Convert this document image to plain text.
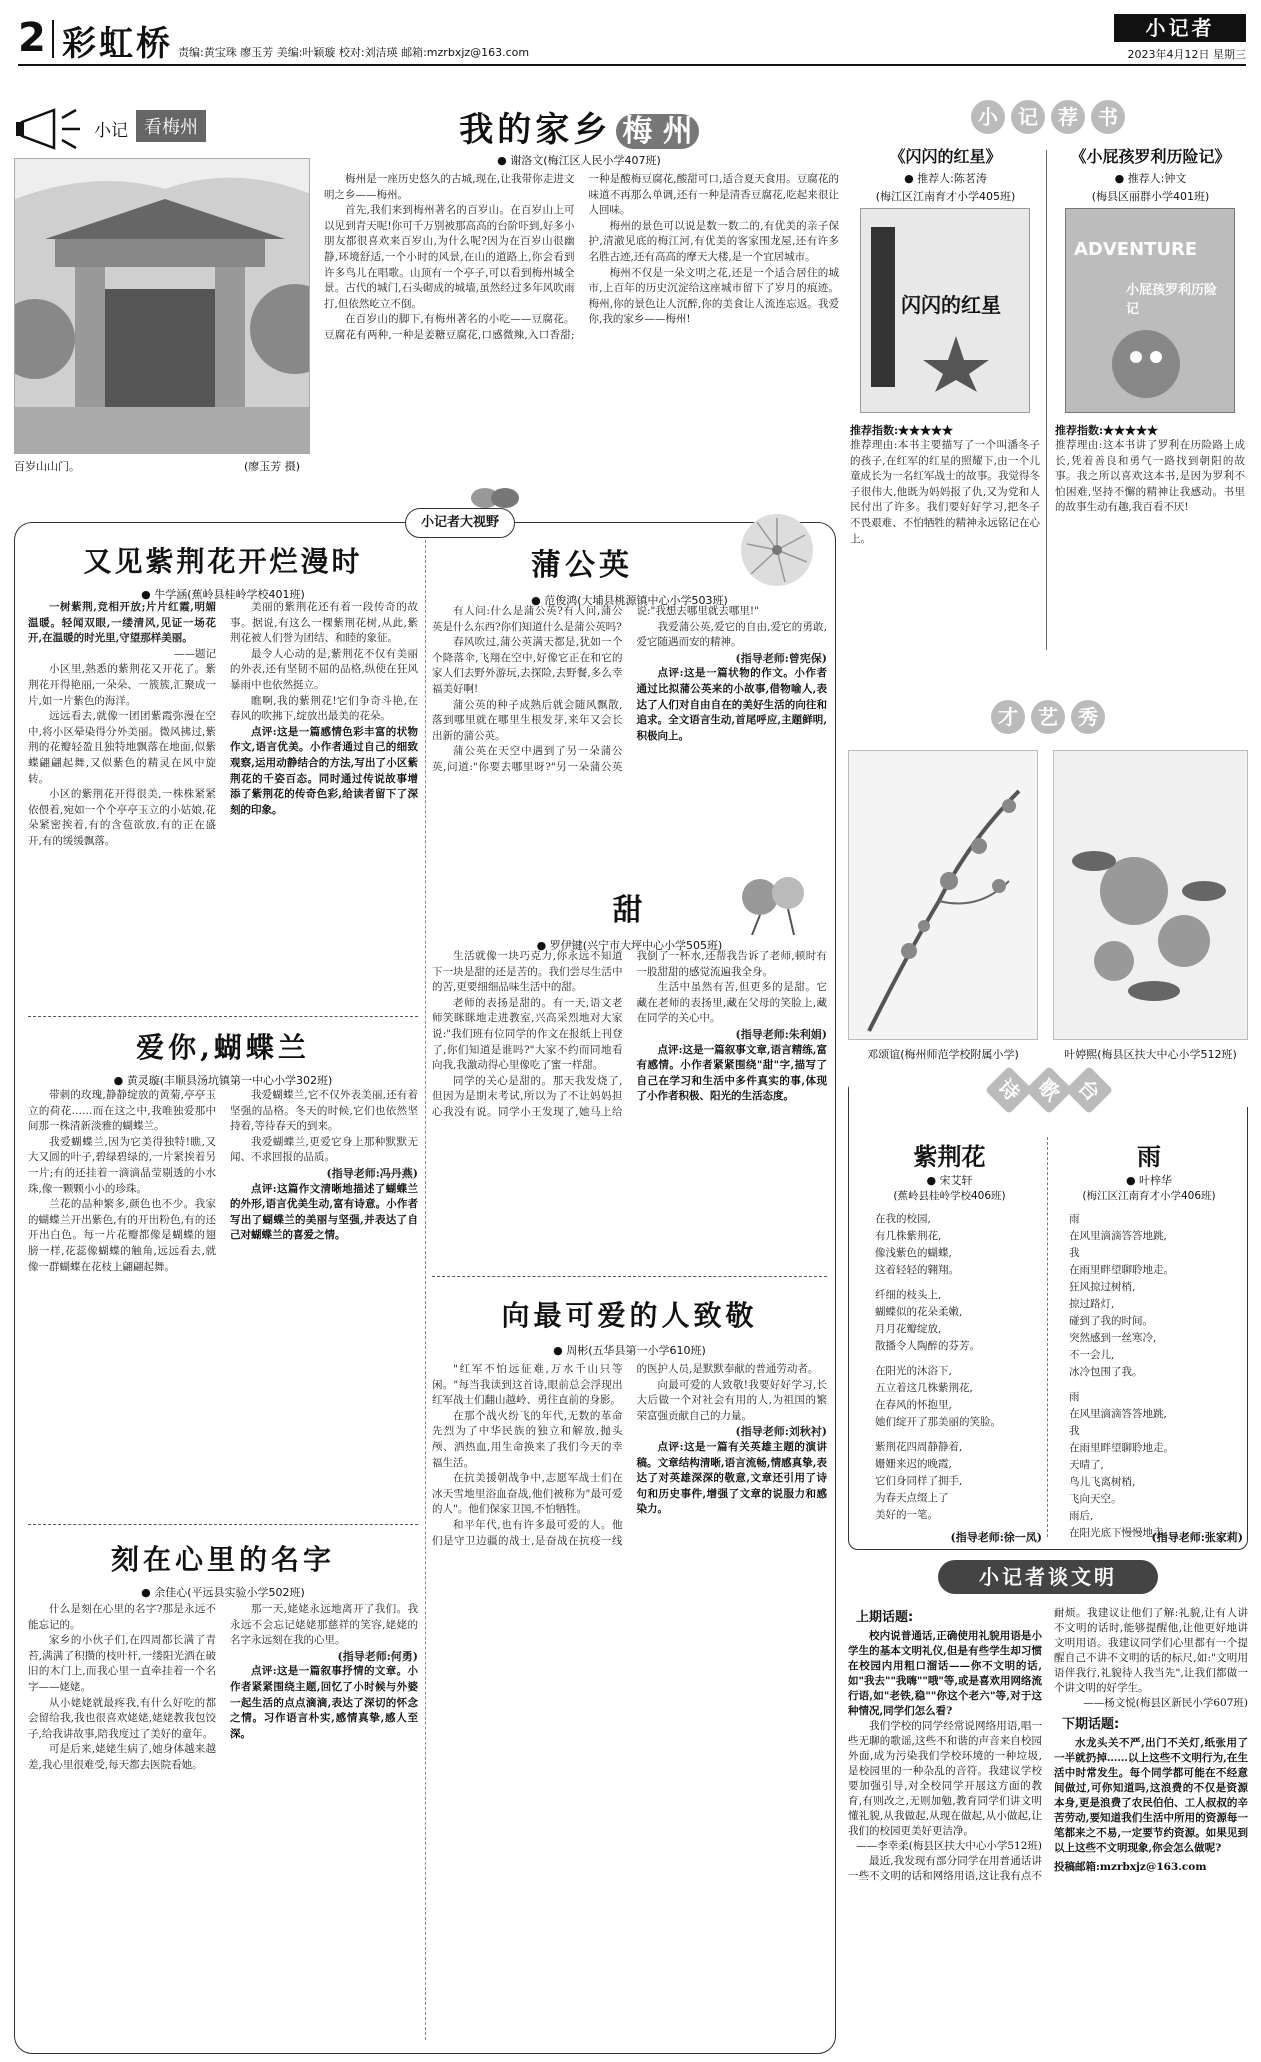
2 彩虹桥 责编:黄宝珠 廖玉芳 美编:叶颖璇 校对:刘洁瑛 邮箱:mzrbxjz@163.com
小记者
2023年4月12日 星期三
小记 看梅州
百岁山山门。	(廖玉芳 摄)
我的家乡 梅 州
● 谢洛文(梅江区人民小学407班)

梅州是一座历史悠久的古城,现在,让我带你走进文明之乡——梅州。

首先,我们来到梅州著名的百岁山。在百岁山上可以见到青天呢!你可千万别被那高高的台阶吓到,好多小朋友都很喜欢来百岁山,为什么呢?因为在百岁山很幽静,环境舒适,一个小时的风景,在山的道路上,你会看到许多鸟儿在唱歌。山顶有一个亭子,可以看到梅州城全景。古代的城门,石头砌成的城墙,虽然经过多年风吹雨打,但依然屹立不倒。

在百岁山的脚下,有梅州著名的小吃——豆腐花。豆腐花有两种,一种是姜糖豆腐花,口感微辣,入口香甜;一种是酸梅豆腐花,酸甜可口,适合夏天食用。豆腐花的味道不再那么单调,还有一种是清香豆腐花,吃起来很让人回味。

梅州的景色可以说是数一数二的,有优美的亲子保护,清澈见底的梅江河,有优美的客家围龙屋,还有许多名胜古迹,还有高高的摩天大楼,是一个宜居城市。

梅州不仅是一朵文明之花,还是一个适合居住的城市,上百年的历史沉淀给这座城市留下了岁月的痕迹。梅州,你的景色让人沉醉,你的美食让人流连忘返。我爱你,我的家乡——梅州!

小 记 荐 书
《闪闪的红星》
● 推荐人:陈茗涛
(梅江区江南育才小学405班)
闪闪的红星
推荐指数:★★★★★
推荐理由:本书主要描写了一个叫潘冬子的孩子,在红军的红星的照耀下,由一个儿童成长为一名红军战士的故事。我觉得冬子很伟大,他既为妈妈报了仇,又为党和人民付出了许多。我们要好好学习,把冬子不畏艰难、不怕牺牲的精神永远铭记在心上。
《小屁孩罗利历险记》
● 推荐人:钟文
(梅县区丽群小学401班)
ADVENTURE
小屁孩罗利历险记
推荐指数:★★★★★
推荐理由:这本书讲了罗利在历险路上成长,凭着善良和勇气一路找到朝阳的故事。我之所以喜欢这本书,是因为罗利不怕困难,坚持不懈的精神让我感动。书里的故事生动有趣,我百看不厌!
才 艺 秀
邓颂谊(梅州师范学校附属小学)	叶婷熙(梅县区扶大中心小学512班)
诗 歌 台
紫荆花
● 宋艾轩
(蕉岭县桂岭学校406班)
在我的校园,
有几株紫荆花,
像浅紫色的蝴蝶,
这着轻轻的翱翔。
纤细的枝头上,
蝴蝶似的花朵柔嫩,
月月花瓣绽放,
散播令人陶醉的芬芳。
在阳光的沐浴下,
五立着这几株紫荆花,
在春风的怀抱里,
她们绽开了那美丽的笑脸。
紫荆花四周静静着,
姗姗来迟的晚霞,
它们身同样了拥手,
为春天点缀上了
美好的一笔。
(指导老师:徐一凤)
雨
● 叶梓华
(梅江区江南育才小学406班)
雨
在风里滴滴答答地跳,
我
在雨里畔望聊聆地走。
狂风掠过树梢,
掠过路灯,
碰到了我的时间。
突然感到一丝寒冷,
不一会儿,
冰冷包围了我。
雨
在风里滴滴答答地跳,
我
在雨里畔望聊聆地走。
天晴了,
鸟儿飞离树梢,
飞向天空。
雨后,
在阳光底下慢慢地走。
(指导老师:张家莉)
小记者谈文明
上期话题:

校内说普通话,正确使用礼貌用语是小学生的基本文明礼仪,但是有些学生却习惯在校园内用粗口溜话——你不文明的话,如"我去""我嗨""哦"等,或是喜欢用网络流行语,如"老铁,稳""你这个老六"等,对于这种情况,同学们怎么看?

我们学校的同学经常说网络用语,唱一些无聊的歌谣,这些不和谐的声音来自校园外面,成为污染我们学校环境的一种垃圾,是校园里的一种杂乱的音符。我建议学校要加强引导,对全校同学开展这方面的教育,有则改之,无则加勉,教育同学们讲文明懂礼貌,从我做起,从现在做起,从小做起,让我们的校园更美好更洁净。

——李幸柔(梅县区扶大中心小学512班)

最近,我发现有部分同学在用普通话讲一些不文明的话和网络用语,这让我有点不耐烦。我建议让他们了解:礼貌,让有人讲不文明的话时,能够提醒他,让他更好地讲文明用语。我建议同学们心里都有一个提醒自己不讲不文明的话的标尺,如:"文明用语伴我行,礼貌待人我当先",让我们都做一个讲文明的好学生。

——杨文悦(梅县区新民小学607班)

下期话题:

水龙头关不严,出门不关灯,纸张用了一半就扔掉……以上这些不文明行为,在生活中时常发生。每个同学都可能在不经意间做过,可你知道吗,这浪费的不仅是资源本身,更是浪费了农民伯伯、工人叔叔的辛苦劳动,要知道我们生活中所用的资源每一笔都来之不易,一定要节约资源。如果见到以上这些不文明现象,你会怎么做呢?

投稿邮箱:mzrbxjz@163.com

小记者大视野
又见紫荆花开烂漫时
● 牛学涵(蕉岭县桂岭学校401班)

一树紫荆,竞相开放;片片红霞,明媚温暖。轻闻双眼,一缕清风,见证一场花开,在温暖的时光里,守望那样美丽。

——题记

小区里,熟悉的紫荆花又开花了。紫荆花开得艳丽,一朵朵、一簇簇,汇聚成一片,如一片紫色的海洋。

远远看去,就像一团团紫霞弥漫在空中,将小区晕染得分外美丽。微风拂过,紫荆的花瓣轻盈且独特地飘落在地面,似紫蝶翩翩起舞,又似紫色的精灵在风中旋转。

小区的紫荆花开得很美,一株株紧紧依偎着,宛如一个个亭亭玉立的小姑娘,花朵紧密挨着,有的含苞欲放,有的正在盛开,有的缓缓飘落。

美丽的紫荆花还有着一段传奇的故事。据说,有这么一棵紫荆花树,从此,紫荆花被人们誉为团结、和睦的象征。

最令人心动的是,紫荆花不仅有美丽的外表,还有坚韧不屈的品格,纵使在狂风暴雨中也依然挺立。

瞧啊,我的紫荆花!它们争奇斗艳,在春风的吹拂下,绽放出最美的花朵。

点评:这是一篇感情色彩丰富的状物作文,语言优美。小作者通过自己的细致观察,运用动静结合的方法,写出了小区紫荆花的千姿百态。同时通过传说故事增添了紫荆花的传奇色彩,给读者留下了深刻的印象。

蒲公英
● 范俊鸿(大埔县桃源镇中心小学503班)

有人问:什么是蒲公英?有人问,蒲公英是什么东西?你们知道什么是蒲公英吗?

春风吹过,蒲公英满天都是,犹如一个个降落伞,飞翔在空中,好像它正在和它的家人们去野外游玩,去探险,去野餐,多么幸福美好啊!

蒲公英的种子成熟后就会随风飘散,落到哪里就在哪里生根发芽,来年又会长出新的蒲公英。

蒲公英在天空中遇到了另一朵蒲公英,问道:"你要去哪里呀?"另一朵蒲公英说:"我想去哪里就去哪里!"

我爱蒲公英,爱它的自由,爱它的勇敢,爱它随遇而安的精神。

(指导老师:曾宪保)

点评:这是一篇状物的作文。小作者通过比拟蒲公英来的小故事,借物喻人,表达了人们对自由自在的美好生活的向往和追求。全文语言生动,首尾呼应,主题鲜明,积极向上。

甜
● 罗伊键(兴宁市大坪中心小学505班)

生活就像一块巧克力,你永远不知道下一块是甜的还是苦的。我们尝尽生活中的苦,更要细细品味生活中的甜。

老师的表扬是甜的。有一天,语文老师笑眯眯地走进教室,兴高采烈地对大家说:"我们班有位同学的作文在报纸上刊登了,你们知道是谁吗?"大家不约而同地看向我,我激动得心里像吃了蜜一样甜。

同学的关心是甜的。那天我发烧了,但因为是期末考试,所以为了不让妈妈担心我没有说。同学小王发现了,她马上给我倒了一杯水,还帮我告诉了老师,顿时有一股甜甜的感觉流遍我全身。

生活中虽然有苦,但更多的是甜。它藏在老师的表扬里,藏在父母的笑脸上,藏在同学的关心中。

(指导老师:朱利娟)

点评:这是一篇叙事文章,语言精练,富有感情。小作者紧紧围绕"甜"字,描写了自己在学习和生活中多件真实的事,体现了小作者积极、阳光的生活态度。

爱你,蝴蝶兰
● 黄灵璇(丰顺县汤坑镇第一中心小学302班)

带刺的玫瑰,静静绽放的黄菊,亭亭玉立的荷花……而在这之中,我唯独爱那中间那一株清新淡雅的蝴蝶兰。

我爱蝴蝶兰,因为它美得独特!瞧,又大又圆的叶子,碧绿碧绿的,一片紧挨着另一片;有的还挂着一滴滴晶莹剔透的小水珠,像一颗颗小小的珍珠。

兰花的品种繁多,颜色也不少。我家的蝴蝶兰开出紫色,有的开出粉色,有的还开出白色。每一片花瓣都像是蝴蝶的翅膀一样,花蕊像蝴蝶的触角,远远看去,就像一群蝴蝶在花枝上翩翩起舞。

我爱蝴蝶兰,它不仅外表美丽,还有着坚强的品格。冬天的时候,它们也依然坚持着,等待春天的到来。

我爱蝴蝶兰,更爱它身上那种默默无闻、不求回报的品质。

(指导老师:冯丹燕)

点评:这篇作文清晰地描述了蝴蝶兰的外形,语言优美生动,富有诗意。小作者写出了蝴蝶兰的美丽与坚强,并表达了自己对蝴蝶兰的喜爱之情。

向最可爱的人致敬
● 周彬(五华县第一小学610班)

"红军不怕远征难,万水千山只等闲。"每当我读到这首诗,眼前总会浮现出红军战士们翻山越岭、勇往直前的身影。

在那个战火纷飞的年代,无数的革命先烈为了中华民族的独立和解放,抛头颅、洒热血,用生命换来了我们今天的幸福生活。

在抗美援朝战争中,志愿军战士们在冰天雪地里浴血奋战,他们被称为"最可爱的人"。他们保家卫国,不怕牺牲。

和平年代,也有许多最可爱的人。他们是守卫边疆的战士,是奋战在抗疫一线的医护人员,是默默奉献的普通劳动者。

向最可爱的人致敬!我要好好学习,长大后做一个对社会有用的人,为祖国的繁荣富强贡献自己的力量。

(指导老师:刘秋衬)

点评:这是一篇有关英雄主题的演讲稿。文章结构清晰,语言流畅,情感真挚,表达了对英雄深深的敬意,文章还引用了诗句和历史事件,增强了文章的说服力和感染力。

刻在心里的名字
● 余佳心(平远县实验小学502班)

什么是刻在心里的名字?那是永远不能忘记的。

家乡的小伙子们,在四周都长满了青苔,满满了积攒的枝叶杆,一缕阳光洒在破旧的木门上,而我心里一直牵挂着一个名字——姥姥。

从小姥姥就最疼我,有什么好吃的都会留给我,我也很喜欢姥姥,姥姥教我包饺子,给我讲故事,陪我度过了美好的童年。

可是后来,姥姥生病了,她身体越来越差,我心里很难受,每天都去医院看她。

那一天,姥姥永远地离开了我们。我永远不会忘记姥姥那慈祥的笑容,姥姥的名字永远刻在我的心里。

(指导老师:何勇)

点评:这是一篇叙事抒情的文章。小作者紧紧围绕主题,回忆了小时候与外婆一起生活的点点滴滴,表达了深切的怀念之情。习作语言朴实,感情真挚,感人至深。
